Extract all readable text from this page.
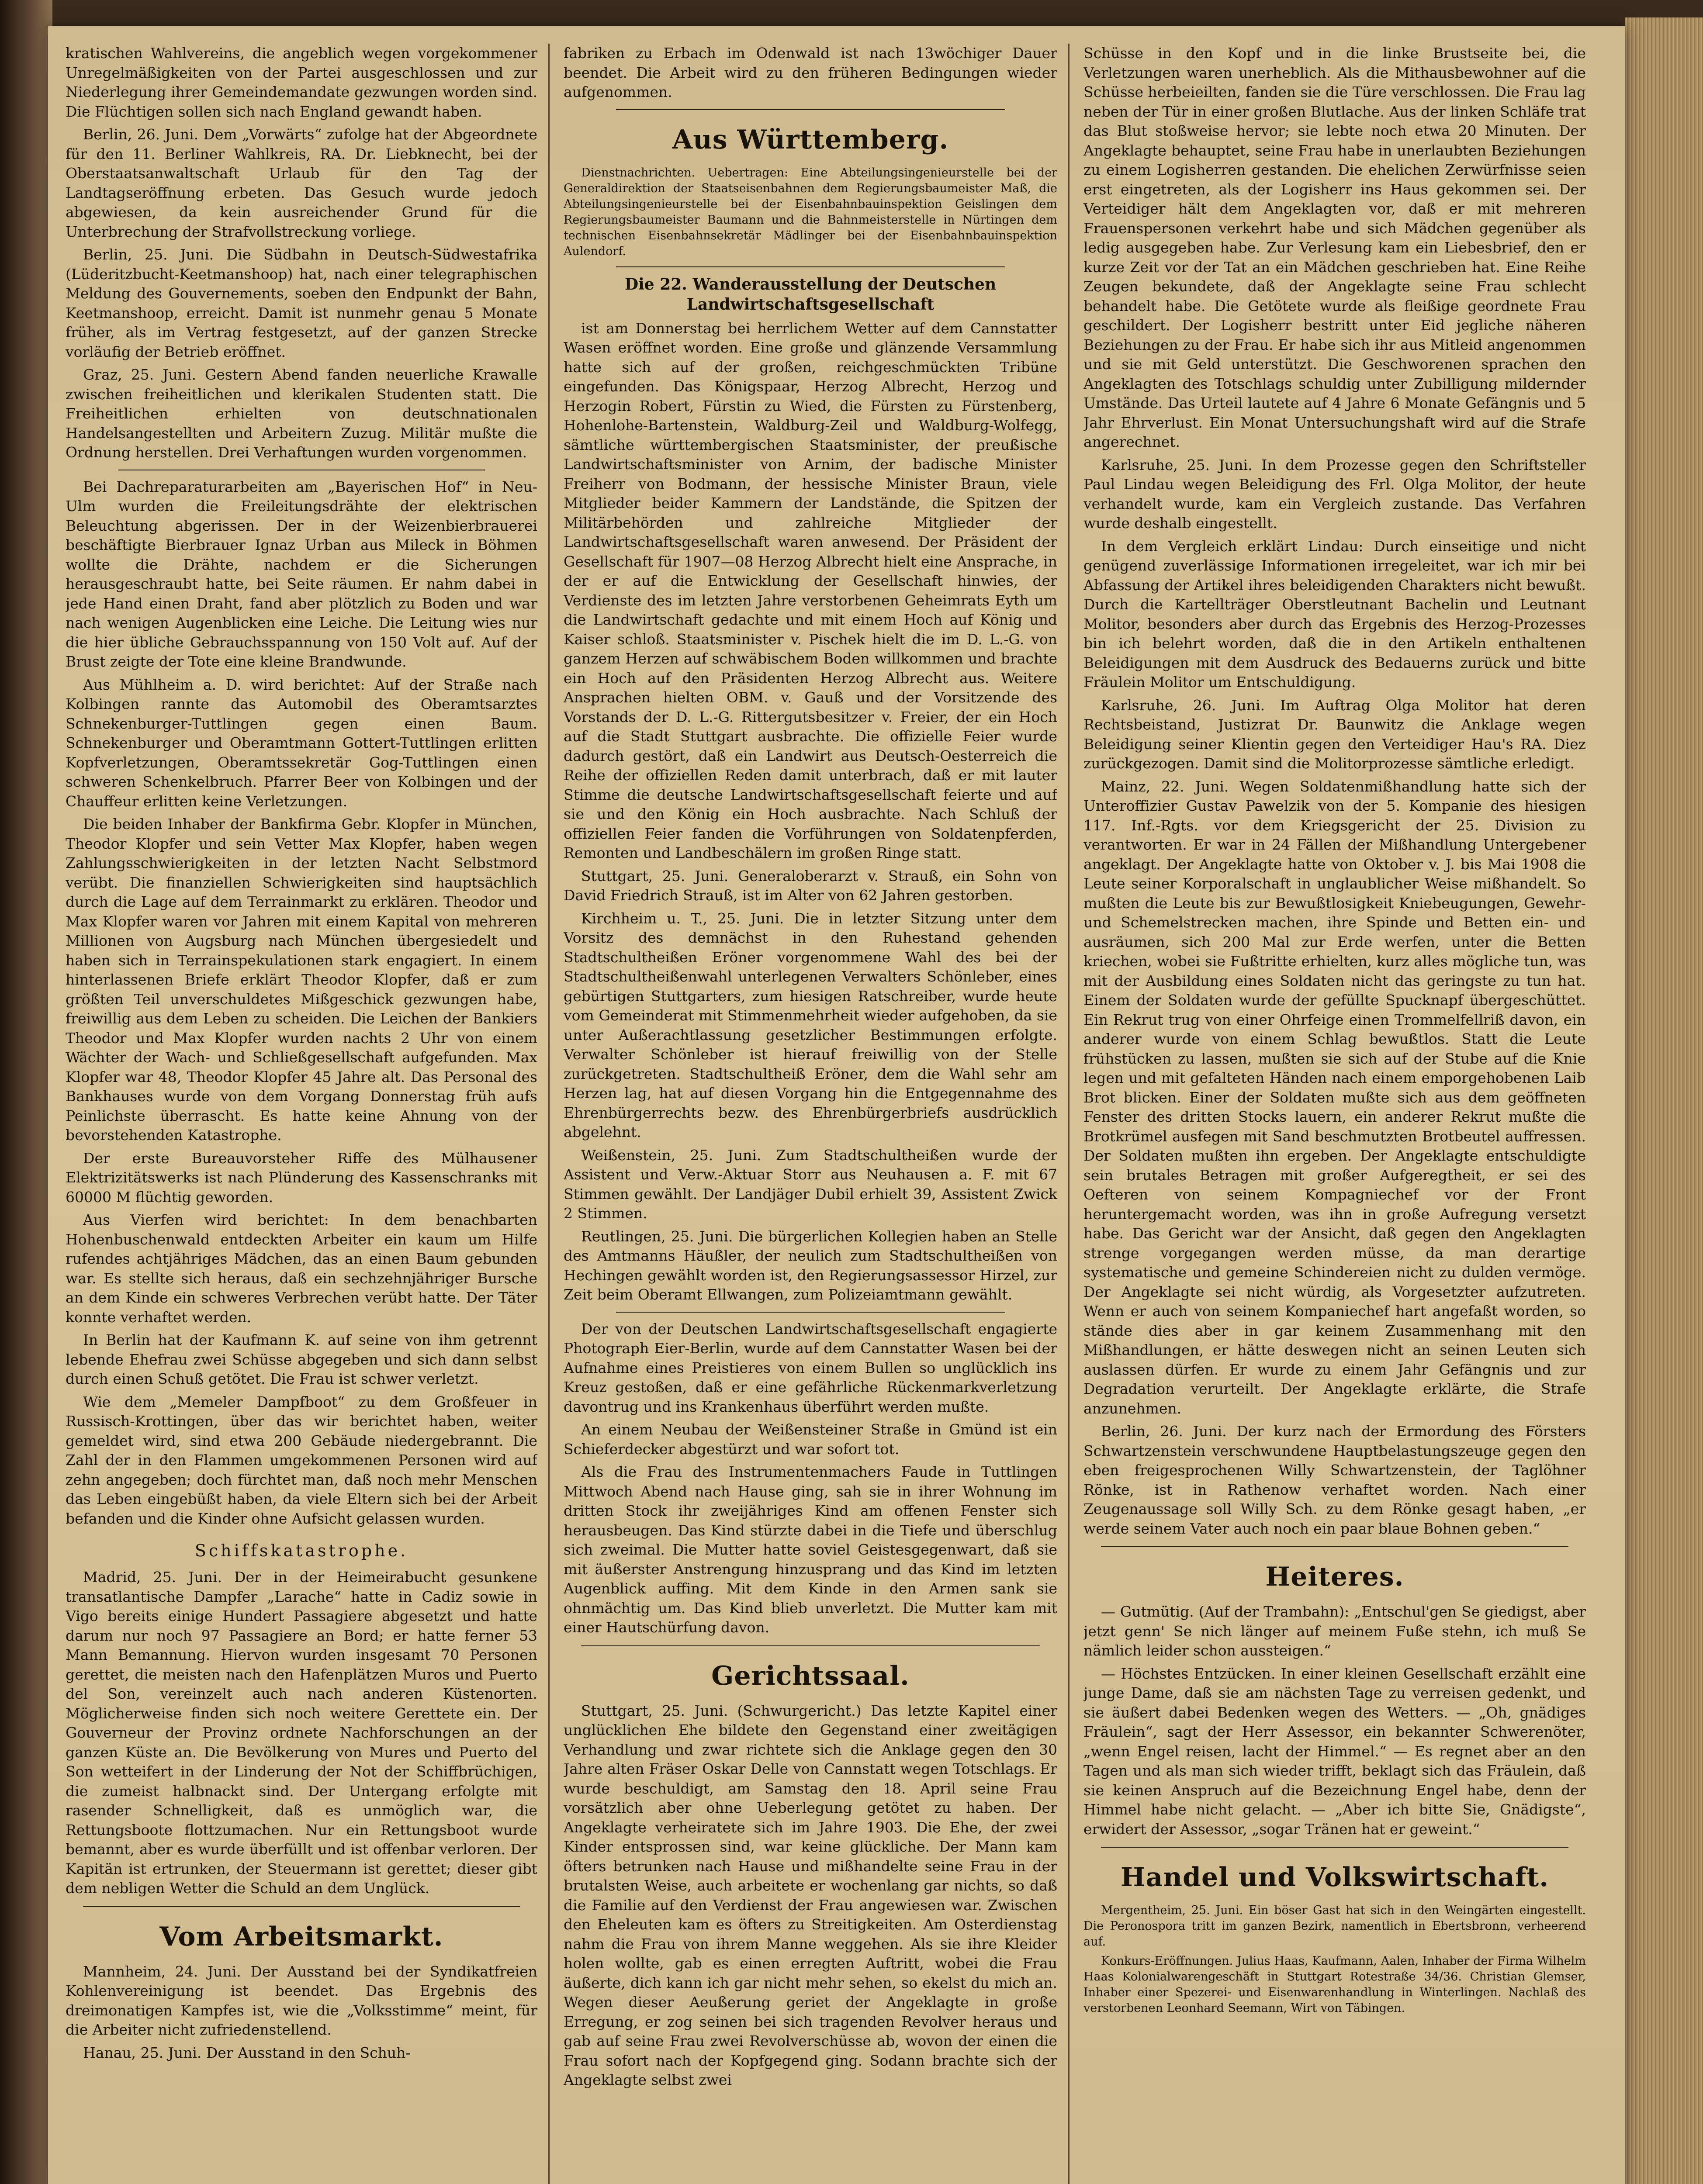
kratischen Wahlvereins, die angeblich wegen vorgekommener Unregelmäßigkeiten von der Partei ausgeschlossen und zur Niederlegung ihrer Gemeindemandate gezwungen worden sind. Die Flüchtigen sollen sich nach England gewandt haben.

Berlin, 26. Juni. Dem „Vorwärts“ zufolge hat der Abgeordnete für den 11. Berliner Wahlkreis, RA. Dr. Liebknecht, bei der Oberstaatsanwaltschaft Urlaub für den Tag der Landtagseröffnung erbeten. Das Gesuch wurde jedoch abgewiesen, da kein ausreichender Grund für die Unterbrechung der Strafvollstreckung vorliege.

Berlin, 25. Juni. Die Südbahn in Deutsch-Südwestafrika (Lüderitzbucht-Keetmanshoop) hat, nach einer telegraphischen Meldung des Gouvernements, soeben den Endpunkt der Bahn, Keetmanshoop, erreicht. Damit ist nunmehr genau 5 Monate früher, als im Vertrag festgesetzt, auf der ganzen Strecke vorläufig der Betrieb eröffnet.

Graz, 25. Juni. Gestern Abend fanden neuerliche Krawalle zwischen freiheitlichen und klerikalen Studenten statt. Die Freiheitlichen erhielten von deutschnationalen Handelsangestellten und Arbeitern Zuzug. Militär mußte die Ordnung herstellen. Drei Verhaftungen wurden vorgenommen.

Bei Dachreparaturarbeiten am „Bayerischen Hof“ in Neu-Ulm wurden die Freileitungsdrähte der elektrischen Beleuchtung abgerissen. Der in der Weizenbierbrauerei beschäftigte Bierbrauer Ignaz Urban aus Mileck in Böhmen wollte die Drähte, nachdem er die Sicherungen herausgeschraubt hatte, bei Seite räumen. Er nahm dabei in jede Hand einen Draht, fand aber plötzlich zu Boden und war nach wenigen Augenblicken eine Leiche. Die Leitung wies nur die hier übliche Gebrauchsspannung von 150 Volt auf. Auf der Brust zeigte der Tote eine kleine Brandwunde.

Aus Mühlheim a. D. wird berichtet: Auf der Straße nach Kolbingen rannte das Automobil des Oberamtsarztes Schnekenburger-Tuttlingen gegen einen Baum. Schnekenburger und Oberamtmann Gottert-Tuttlingen erlitten Kopfverletzungen, Oberamtssekretär Gog-Tuttlingen einen schweren Schenkelbruch. Pfarrer Beer von Kolbingen und der Chauffeur erlitten keine Verletzungen.

Die beiden Inhaber der Bankfirma Gebr. Klopfer in München, Theodor Klopfer und sein Vetter Max Klopfer, haben wegen Zahlungsschwierigkeiten in der letzten Nacht Selbstmord verübt. Die finanziellen Schwierigkeiten sind hauptsächlich durch die Lage auf dem Terrainmarkt zu erklären. Theodor und Max Klopfer waren vor Jahren mit einem Kapital von mehreren Millionen von Augsburg nach München übergesiedelt und haben sich in Terrainspekulationen stark engagiert. In einem hinterlassenen Briefe erklärt Theodor Klopfer, daß er zum größten Teil unverschuldetes Mißgeschick gezwungen habe, freiwillig aus dem Leben zu scheiden. Die Leichen der Bankiers Theodor und Max Klopfer wurden nachts 2 Uhr von einem Wächter der Wach- und Schließgesellschaft aufgefunden. Max Klopfer war 48, Theodor Klopfer 45 Jahre alt. Das Personal des Bankhauses wurde von dem Vorgang Donnerstag früh aufs Peinlichste überrascht. Es hatte keine Ahnung von der bevorstehenden Katastrophe.

Der erste Bureauvorsteher Riffe des Mülhausener Elektrizitätswerks ist nach Plünderung des Kassenschranks mit 60000 M flüchtig geworden.

Aus Vierfen wird berichtet: In dem benachbarten Hohenbuschenwald entdeckten Arbeiter ein kaum um Hilfe rufendes achtjähriges Mädchen, das an einen Baum gebunden war. Es stellte sich heraus, daß ein sechzehnjähriger Bursche an dem Kinde ein schweres Verbrechen verübt hatte. Der Täter konnte verhaftet werden.

In Berlin hat der Kaufmann K. auf seine von ihm getrennt lebende Ehefrau zwei Schüsse abgegeben und sich dann selbst durch einen Schuß getötet. Die Frau ist schwer verletzt.

Wie dem „Memeler Dampfboot“ zu dem Großfeuer in Russisch-Krottingen, über das wir berichtet haben, weiter gemeldet wird, sind etwa 200 Gebäude niedergebrannt. Die Zahl der in den Flammen umgekommenen Personen wird auf zehn angegeben; doch fürchtet man, daß noch mehr Menschen das Leben eingebüßt haben, da viele Eltern sich bei der Arbeit befanden und die Kinder ohne Aufsicht gelassen wurden.

Schiffskatastrophe.

Madrid, 25. Juni. Der in der Heimeirabucht gesunkene transatlantische Dampfer „Larache“ hatte in Cadiz sowie in Vigo bereits einige Hundert Passagiere abgesetzt und hatte darum nur noch 97 Passagiere an Bord; er hatte ferner 53 Mann Bemannung. Hiervon wurden insgesamt 70 Personen gerettet, die meisten nach den Hafenplätzen Muros und Puerto del Son, vereinzelt auch nach anderen Küstenorten. Möglicherweise finden sich noch weitere Gerettete ein. Der Gouverneur der Provinz ordnete Nachforschungen an der ganzen Küste an. Die Bevölkerung von Mures und Puerto del Son wetteifert in der Linderung der Not der Schiffbrüchigen, die zumeist halbnackt sind. Der Untergang erfolgte mit rasender Schnelligkeit, daß es unmöglich war, die Rettungsboote flottzumachen. Nur ein Rettungsboot wurde bemannt, aber es wurde überfüllt und ist offenbar verloren. Der Kapitän ist ertrunken, der Steuermann ist gerettet; dieser gibt dem nebligen Wetter die Schuld an dem Unglück.

Vom Arbeitsmarkt.

Mannheim, 24. Juni. Der Ausstand bei der Syndikatfreien Kohlenvereinigung ist beendet. Das Ergebnis des dreimonatigen Kampfes ist, wie die „Volksstimme“ meint, für die Arbeiter nicht zufriedenstellend.

Hanau, 25. Juni. Der Ausstand in den Schuh-

fabriken zu Erbach im Odenwald ist nach 13wöchiger Dauer beendet. Die Arbeit wird zu den früheren Bedingungen wieder aufgenommen.

Aus Württemberg.

Dienstnachrichten. Uebertragen: Eine Abteilungsingenieurstelle bei der Generaldirektion der Staatseisenbahnen dem Regierungsbaumeister Maß, die Abteilungsingenieurstelle bei der Eisenbahnbauinspektion Geislingen dem Regierungsbaumeister Baumann und die Bahnmeisterstelle in Nürtingen dem technischen Eisenbahnsekretär Mädlinger bei der Eisenbahnbauinspektion Aulendorf.

Die 22. Wanderausstellung der Deutschen Landwirtschaftsgesellschaft

ist am Donnerstag bei herrlichem Wetter auf dem Cannstatter Wasen eröffnet worden. Eine große und glänzende Versammlung hatte sich auf der großen, reichgeschmückten Tribüne eingefunden. Das Königspaar, Herzog Albrecht, Herzog und Herzogin Robert, Fürstin zu Wied, die Fürsten zu Fürstenberg, Hohenlohe-Bartenstein, Waldburg-Zeil und Waldburg-Wolfegg, sämtliche württembergischen Staatsminister, der preußische Landwirtschaftsminister von Arnim, der badische Minister Freiherr von Bodmann, der hessische Minister Braun, viele Mitglieder beider Kammern der Landstände, die Spitzen der Militärbehörden und zahlreiche Mitglieder der Landwirtschaftsgesellschaft waren anwesend. Der Präsident der Gesellschaft für 1907—08 Herzog Albrecht hielt eine Ansprache, in der er auf die Entwicklung der Gesellschaft hinwies, der Verdienste des im letzten Jahre verstorbenen Geheimrats Eyth um die Landwirtschaft gedachte und mit einem Hoch auf König und Kaiser schloß. Staatsminister v. Pischek hielt die im D. L.-G. von ganzem Herzen auf schwäbischem Boden willkommen und brachte ein Hoch auf den Präsidenten Herzog Albrecht aus. Weitere Ansprachen hielten OBM. v. Gauß und der Vorsitzende des Vorstands der D. L.-G. Rittergutsbesitzer v. Freier, der ein Hoch auf die Stadt Stuttgart ausbrachte. Die offizielle Feier wurde dadurch gestört, daß ein Landwirt aus Deutsch-Oesterreich die Reihe der offiziellen Reden damit unterbrach, daß er mit lauter Stimme die deutsche Landwirtschaftsgesellschaft feierte und auf sie und den König ein Hoch ausbrachte. Nach Schluß der offiziellen Feier fanden die Vorführungen von Soldatenpferden, Remonten und Landbeschälern im großen Ringe statt.

Stuttgart, 25. Juni. Generaloberarzt v. Strauß, ein Sohn von David Friedrich Strauß, ist im Alter von 62 Jahren gestorben.

Kirchheim u. T., 25. Juni. Die in letzter Sitzung unter dem Vorsitz des demnächst in den Ruhestand gehenden Stadtschultheißen Eröner vorgenommene Wahl des bei der Stadtschultheißenwahl unterlegenen Verwalters Schönleber, eines gebürtigen Stuttgarters, zum hiesigen Ratschreiber, wurde heute vom Gemeinderat mit Stimmenmehrheit wieder aufgehoben, da sie unter Außerachtlassung gesetzlicher Bestimmungen erfolgte. Verwalter Schönleber ist hierauf freiwillig von der Stelle zurückgetreten. Stadtschultheiß Eröner, dem die Wahl sehr am Herzen lag, hat auf diesen Vorgang hin die Entgegennahme des Ehrenbürgerrechts bezw. des Ehrenbürgerbriefs ausdrücklich abgelehnt.

Weißenstein, 25. Juni. Zum Stadtschultheißen wurde der Assistent und Verw.-Aktuar Storr aus Neuhausen a. F. mit 67 Stimmen gewählt. Der Landjäger Dubil erhielt 39, Assistent Zwick 2 Stimmen.

Reutlingen, 25. Juni. Die bürgerlichen Kollegien haben an Stelle des Amtmanns Häußler, der neulich zum Stadtschultheißen von Hechingen gewählt worden ist, den Regierungsassessor Hirzel, zur Zeit beim Oberamt Ellwangen, zum Polizeiamtmann gewählt.

Der von der Deutschen Landwirtschaftsgesellschaft engagierte Photograph Eier-Berlin, wurde auf dem Cannstatter Wasen bei der Aufnahme eines Preistieres von einem Bullen so unglücklich ins Kreuz gestoßen, daß er eine gefährliche Rückenmarkverletzung davontrug und ins Krankenhaus überführt werden mußte.

An einem Neubau der Weißensteiner Straße in Gmünd ist ein Schieferdecker abgestürzt und war sofort tot.

Als die Frau des Instrumentenmachers Faude in Tuttlingen Mittwoch Abend nach Hause ging, sah sie in ihrer Wohnung im dritten Stock ihr zweijähriges Kind am offenen Fenster sich herausbeugen. Das Kind stürzte dabei in die Tiefe und überschlug sich zweimal. Die Mutter hatte soviel Geistesgegenwart, daß sie mit äußerster Anstrengung hinzusprang und das Kind im letzten Augenblick auffing. Mit dem Kinde in den Armen sank sie ohnmächtig um. Das Kind blieb unverletzt. Die Mutter kam mit einer Hautschürfung davon.

Gerichtssaal.

Stuttgart, 25. Juni. (Schwurgericht.) Das letzte Kapitel einer unglücklichen Ehe bildete den Gegenstand einer zweitägigen Verhandlung und zwar richtete sich die Anklage gegen den 30 Jahre alten Fräser Oskar Delle von Cannstatt wegen Totschlags. Er wurde beschuldigt, am Samstag den 18. April seine Frau vorsätzlich aber ohne Ueberlegung getötet zu haben. Der Angeklagte verheiratete sich im Jahre 1903. Die Ehe, der zwei Kinder entsprossen sind, war keine glückliche. Der Mann kam öfters betrunken nach Hause und mißhandelte seine Frau in der brutalsten Weise, auch arbeitete er wochenlang gar nichts, so daß die Familie auf den Verdienst der Frau angewiesen war. Zwischen den Eheleuten kam es öfters zu Streitigkeiten. Am Osterdienstag nahm die Frau von ihrem Manne weggehen. Als sie ihre Kleider holen wollte, gab es einen erregten Auftritt, wobei die Frau äußerte, dich kann ich gar nicht mehr sehen, so ekelst du mich an. Wegen dieser Aeußerung geriet der Angeklagte in große Erregung, er zog seinen bei sich tragenden Revolver heraus und gab auf seine Frau zwei Revolverschüsse ab, wovon der einen die Frau sofort nach der Kopfgegend ging. Sodann brachte sich der Angeklagte selbst zwei

Schüsse in den Kopf und in die linke Brustseite bei, die Verletzungen waren unerheblich. Als die Mithausbewohner auf die Schüsse herbeieilten, fanden sie die Türe verschlossen. Die Frau lag neben der Tür in einer großen Blutlache. Aus der linken Schläfe trat das Blut stoßweise hervor; sie lebte noch etwa 20 Minuten. Der Angeklagte behauptet, seine Frau habe in unerlaubten Beziehungen zu einem Logisherren gestanden. Die ehelichen Zerwürfnisse seien erst eingetreten, als der Logisherr ins Haus gekommen sei. Der Verteidiger hält dem Angeklagten vor, daß er mit mehreren Frauenspersonen verkehrt habe und sich Mädchen gegenüber als ledig ausgegeben habe. Zur Verlesung kam ein Liebesbrief, den er kurze Zeit vor der Tat an ein Mädchen geschrieben hat. Eine Reihe Zeugen bekundete, daß der Angeklagte seine Frau schlecht behandelt habe. Die Getötete wurde als fleißige geordnete Frau geschildert. Der Logisherr bestritt unter Eid jegliche näheren Beziehungen zu der Frau. Er habe sich ihr aus Mitleid angenommen und sie mit Geld unterstützt. Die Geschworenen sprachen den Angeklagten des Totschlags schuldig unter Zubilligung mildernder Umstände. Das Urteil lautete auf 4 Jahre 6 Monate Gefängnis und 5 Jahr Ehrverlust. Ein Monat Untersuchungshaft wird auf die Strafe angerechnet.

Karlsruhe, 25. Juni. In dem Prozesse gegen den Schriftsteller Paul Lindau wegen Beleidigung des Frl. Olga Molitor, der heute verhandelt wurde, kam ein Vergleich zustande. Das Verfahren wurde deshalb eingestellt.

In dem Vergleich erklärt Lindau: Durch einseitige und nicht genügend zuverlässige Informationen irregeleitet, war ich mir bei Abfassung der Artikel ihres beleidigenden Charakters nicht bewußt. Durch die Kartellträger Oberstleutnant Bachelin und Leutnant Molitor, besonders aber durch das Ergebnis des Herzog-Prozesses bin ich belehrt worden, daß die in den Artikeln enthaltenen Beleidigungen mit dem Ausdruck des Bedauerns zurück und bitte Fräulein Molitor um Entschuldigung.

Karlsruhe, 26. Juni. Im Auftrag Olga Molitor hat deren Rechtsbeistand, Justizrat Dr. Baunwitz die Anklage wegen Beleidigung seiner Klientin gegen den Verteidiger Hau's RA. Diez zurückgezogen. Damit sind die Molitorprozesse sämtliche erledigt.

Mainz, 22. Juni. Wegen Soldatenmißhandlung hatte sich der Unteroffizier Gustav Pawelzik von der 5. Kompanie des hiesigen 117. Inf.-Rgts. vor dem Kriegsgericht der 25. Division zu verantworten. Er war in 24 Fällen der Mißhandlung Untergebener angeklagt. Der Angeklagte hatte von Oktober v. J. bis Mai 1908 die Leute seiner Korporalschaft in unglaublicher Weise mißhandelt. So mußten die Leute bis zur Bewußtlosigkeit Kniebeugungen, Gewehr- und Schemelstrecken machen, ihre Spinde und Betten ein- und ausräumen, sich 200 Mal zur Erde werfen, unter die Betten kriechen, wobei sie Fußtritte erhielten, kurz alles mögliche tun, was mit der Ausbildung eines Soldaten nicht das geringste zu tun hat. Einem der Soldaten wurde der gefüllte Spucknapf übergeschüttet. Ein Rekrut trug von einer Ohrfeige einen Trommelfellriß davon, ein anderer wurde von einem Schlag bewußtlos. Statt die Leute frühstücken zu lassen, mußten sie sich auf der Stube auf die Knie legen und mit gefalteten Händen nach einem emporgehobenen Laib Brot blicken. Einer der Soldaten mußte sich aus dem geöffneten Fenster des dritten Stocks lauern, ein anderer Rekrut mußte die Brotkrümel ausfegen mit Sand beschmutzten Brotbeutel auffressen. Der Soldaten mußten ihn ergeben. Der Angeklagte entschuldigte sein brutales Betragen mit großer Aufgeregtheit, er sei des Oefteren von seinem Kompagniechef vor der Front heruntergemacht worden, was ihn in große Aufregung versetzt habe. Das Gericht war der Ansicht, daß gegen den Angeklagten strenge vorgegangen werden müsse, da man derartige systematische und gemeine Schindereien nicht zu dulden vermöge. Der Angeklagte sei nicht würdig, als Vorgesetzter aufzutreten. Wenn er auch von seinem Kompaniechef hart angefaßt worden, so stände dies aber in gar keinem Zusammenhang mit den Mißhandlungen, er hätte deswegen nicht an seinen Leuten sich auslassen dürfen. Er wurde zu einem Jahr Gefängnis und zur Degradation verurteilt. Der Angeklagte erklärte, die Strafe anzunehmen.

Berlin, 26. Juni. Der kurz nach der Ermordung des Försters Schwartzenstein verschwundene Hauptbelastungszeuge gegen den eben freigesprochenen Willy Schwartzenstein, der Taglöhner Rönke, ist in Rathenow verhaftet worden. Nach einer Zeugenaussage soll Willy Sch. zu dem Rönke gesagt haben, „er werde seinem Vater auch noch ein paar blaue Bohnen geben.“

Heiteres.

— Gutmütig. (Auf der Trambahn): „Entschul'gen Se giedigst, aber jetzt genn' Se nich länger auf meinem Fuße stehn, ich muß Se nämlich leider schon aussteigen.“

— Höchstes Entzücken. In einer kleinen Gesellschaft erzählt eine junge Dame, daß sie am nächsten Tage zu verreisen gedenkt, und sie äußert dabei Bedenken wegen des Wetters. — „Oh, gnädiges Fräulein“, sagt der Herr Assessor, ein bekannter Schwerenöter, „wenn Engel reisen, lacht der Himmel.“ — Es regnet aber an den Tagen und als man sich wieder trifft, beklagt sich das Fräulein, daß sie keinen Anspruch auf die Bezeichnung Engel habe, denn der Himmel habe nicht gelacht. — „Aber ich bitte Sie, Gnädigste“, erwidert der Assessor, „sogar Tränen hat er geweint.“

Handel und Volkswirtschaft.

Mergentheim, 25. Juni. Ein böser Gast hat sich in den Weingärten eingestellt. Die Peronospora tritt im ganzen Bezirk, namentlich in Ebertsbronn, verheerend auf.

Konkurs-Eröffnungen. Julius Haas, Kaufmann, Aalen, Inhaber der Firma Wilhelm Haas Kolonialwarengeschäft in Stuttgart Rotestraße 34/36. Christian Glemser, Inhaber einer Spezerei- und Eisenwarenhandlung in Winterlingen. Nachlaß des verstorbenen Leonhard Seemann, Wirt von Täbingen.
